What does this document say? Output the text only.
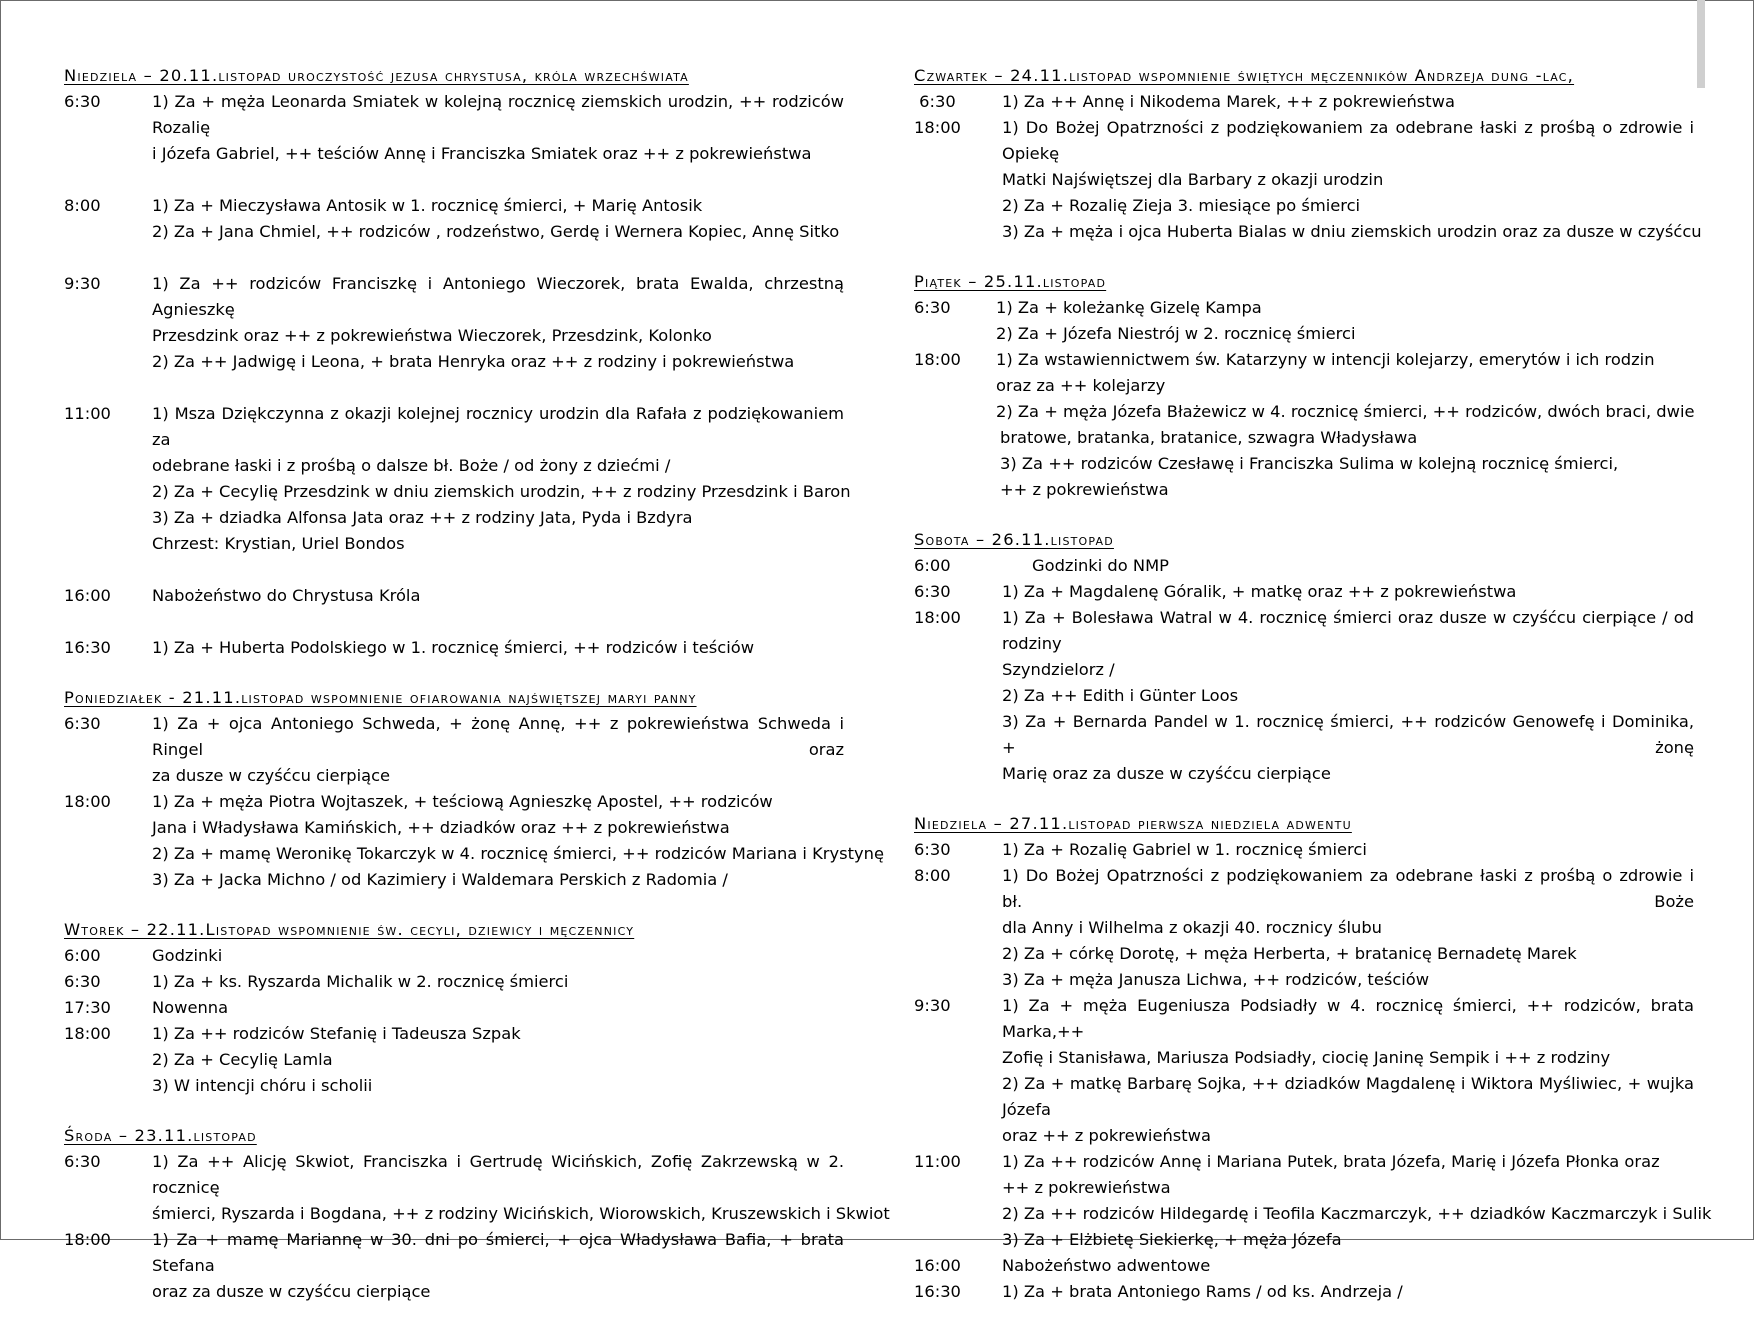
Niedziela – 20.11.listopad uroczystość jezusa chrystusa, króla wrzechświata
6:30	1) Za + męża Leonarda Smiatek w kolejną rocznicę ziemskich urodzin, ++ rodziców Rozalię
i Józefa Gabriel, ++ teściów Annę i Franciszka Smiatek oraz ++ z pokrewieństwa
8:00	1) Za + Mieczysława Antosik w 1. rocznicę śmierci, + Marię Antosik
2) Za + Jana Chmiel, ++ rodziców , rodzeństwo, Gerdę i Wernera Kopiec, Annę Sitko
9:30	1) Za ++ rodziców Franciszkę i Antoniego Wieczorek, brata Ewalda, chrzestną Agnieszkę
Przesdzink oraz ++ z pokrewieństwa Wieczorek, Przesdzink, Kolonko
2) Za ++ Jadwigę i Leona, + brata Henryka oraz ++ z rodziny i pokrewieństwa
11:00	1) Msza Dziękczynna z okazji kolejnej rocznicy urodzin dla Rafała z podziękowaniem za
odebrane łaski i z prośbą o dalsze bł. Boże / od żony z dziećmi /
2) Za + Cecylię Przesdzink w dniu ziemskich urodzin, ++ z rodziny Przesdzink i Baron
3) Za + dziadka Alfonsa Jata oraz ++ z rodziny Jata, Pyda i Bzdyra
Chrzest: Krystian, Uriel Bondos
16:00	Nabożeństwo do Chrystusa Króla
16:30	1) Za + Huberta Podolskiego w 1. rocznicę śmierci, ++ rodziców i teściów
Poniedziałek - 21.11.listopad wspomnienie ofiarowania najświętszej maryi panny
6:30	1) Za + ojca Antoniego Schweda, + żonę Annę, ++ z pokrewieństwa Schweda i Ringel oraz
za dusze w czyśćcu cierpiące
18:00	1) Za + męża Piotra Wojtaszek, + teściową Agnieszkę Apostel, ++ rodziców
Jana i Władysława Kamińskich, ++ dziadków oraz ++ z pokrewieństwa
2) Za + mamę Weronikę Tokarczyk w 4. rocznicę śmierci, ++ rodziców Mariana i Krystynę
3) Za + Jacka Michno / od Kazimiery i Waldemara Perskich z Radomia /
Wtorek – 22.11.Listopad wspomnienie św. cecyli, dziewicy i męczennicy
6:00	Godzinki
6:30	1) Za + ks. Ryszarda Michalik w 2. rocznicę śmierci
17:30	Nowenna
18:00	1) Za ++ rodziców Stefanię i Tadeusza Szpak
2) Za + Cecylię Lamla
3) W intencji chóru i scholii
Środa – 23.11.listopad
6:30	1) Za ++ Alicję Skwiot, Franciszka i Gertrudę Wicińskich, Zofię Zakrzewską w 2. rocznicę
śmierci, Ryszarda i Bogdana, ++ z rodziny Wicińskich, Wiorowskich, Kruszewskich i Skwiot
18:00	1) Za + mamę Mariannę w 30. dni po śmierci, + ojca Władysława Bafia, + brata Stefana
oraz za dusze w czyśćcu cierpiące
Czwartek – 24.11.listopad wspomnienie świętych męczenników Andrzeja dung -lac,
6:30	1) Za ++ Annę i Nikodema Marek, ++ z pokrewieństwa
18:00	1) Do Bożej Opatrzności z podziękowaniem za odebrane łaski z prośbą o zdrowie i Opiekę
Matki Najświętszej dla Barbary z okazji urodzin
2) Za + Rozalię Zieja 3. miesiące po śmierci
3) Za + męża i ojca Huberta Bialas w dniu ziemskich urodzin oraz za dusze w czyśćcu
Piątek – 25.11.listopad
6:30	1) Za + koleżankę Gizelę Kampa
2) Za + Józefa Niestrój w 2. rocznicę śmierci
18:00	1) Za wstawiennictwem św. Katarzyny w intencji kolejarzy, emerytów i ich rodzin
oraz za ++ kolejarzy
2) Za + męża Józefa Błażewicz w 4. rocznicę śmierci, ++ rodziców, dwóch braci, dwie
bratowe, bratanka, bratanice, szwagra Władysława
3) Za ++ rodziców Czesławę i Franciszka Sulima w kolejną rocznicę śmierci,
++ z pokrewieństwa
Sobota – 26.11.listopad
6:00	Godzinki do NMP
6:30	1) Za + Magdalenę Góralik, + matkę oraz ++ z pokrewieństwa
18:00	1) Za + Bolesława Watral w 4. rocznicę śmierci oraz dusze w czyśćcu cierpiące / od rodziny
Szyndzielorz /
2) Za ++ Edith i Günter Loos
3) Za + Bernarda Pandel w 1. rocznicę śmierci, ++ rodziców Genowefę i Dominika, + żonę
Marię oraz za dusze w czyśćcu cierpiące
Niedziela – 27.11.listopad pierwsza niedziela adwentu
6:30	1) Za + Rozalię Gabriel w 1. rocznicę śmierci
8:00	1) Do Bożej Opatrzności z podziękowaniem za odebrane łaski z prośbą o zdrowie i bł. Boże
dla Anny i Wilhelma z okazji 40. rocznicy ślubu
2) Za + córkę Dorotę, + męża Herberta, + bratanicę Bernadetę Marek
3) Za + męża Janusza Lichwa, ++ rodziców, teściów
9:30	1) Za + męża Eugeniusza Podsiadły w 4. rocznicę śmierci, ++ rodziców, brata Marka,++
Zofię i Stanisława, Mariusza Podsiadły, ciocię Janinę Sempik i ++ z rodziny
2) Za + matkę Barbarę Sojka, ++ dziadków Magdalenę i Wiktora Myśliwiec, + wujka Józefa
oraz ++ z pokrewieństwa
11:00	1) Za ++ rodziców Annę i Mariana Putek, brata Józefa, Marię i Józefa Płonka oraz
++ z pokrewieństwa
2) Za ++ rodziców Hildegardę i Teofila Kaczmarczyk, ++ dziadków Kaczmarczyk i Sulik
3) Za + Elżbietę Siekierkę, + męża Józefa
16:00	Nabożeństwo adwentowe
16:30	1) Za + brata Antoniego Rams / od ks. Andrzeja /
